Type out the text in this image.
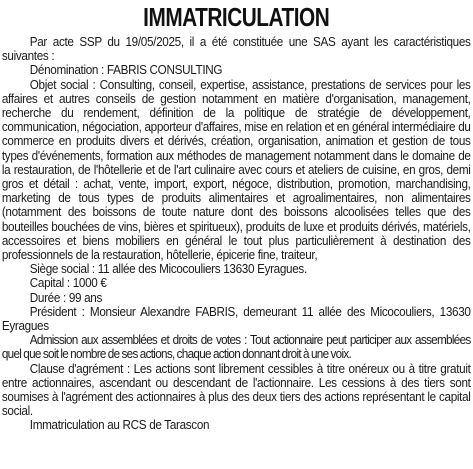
IMMATRICULATION

Par acte SSP du 19/05/2025, il a été constituée une SAS ayant les caractéristiques suivantes :

Dénomination : FABRIS CONSULTING

Objet social : Consulting, conseil, expertise, assistance, prestations de services pour les affaires et autres conseils de gestion notamment en matière d'organisation, management, recherche du rendement, définition de la politique de stratégie de développement, communication, négociation, apporteur d'affaires, mise en relation et en général intermédiaire du commerce en produits divers et dérivés, création, organisation, animation et gestion de tous types d'événements, formation aux méthodes de management notamment dans le domaine de la restauration, de l'hôtellerie et de l'art culinaire avec cours et ateliers de cuisine, en gros, demi gros et détail : achat, vente, import, export, négoce, distribution, promotion, marchandising, marketing de tous types de produits alimentaires et agroalimentaires, non alimentaires (notamment des boissons de toute nature dont des boissons alcoolisées telles que des bouteilles bouchées de vins, bières et spiritueux), produits de luxe et produits dérivés, matériels, accessoires et biens mobiliers en général le tout plus particulièrement à destination des professionnels de la restauration, hôtellerie, épicerie fine, traiteur,

Siège social : 11 allée des Micocouliers 13630 Eyragues.

Capital : 1000 €

Durée : 99 ans

Président : Monsieur Alexandre FABRIS, demeurant 11 allée des Micocouliers, 13630 Eyragues

Admission aux assemblées et droits de votes : Tout actionnaire peut participer aux assemblées quel que soit le nombre de ses actions, chaque action donnant droit à une voix.

Clause d'agrément : Les actions sont librement cessibles à titre onéreux ou à titre gratuit entre actionnaires, ascendant ou descendant de l'actionnaire. Les cessions à des tiers sont soumises à l'agrément des actionnaires à plus des deux tiers des actions représentant le capital social.

Immatriculation au RCS de Tarascon
